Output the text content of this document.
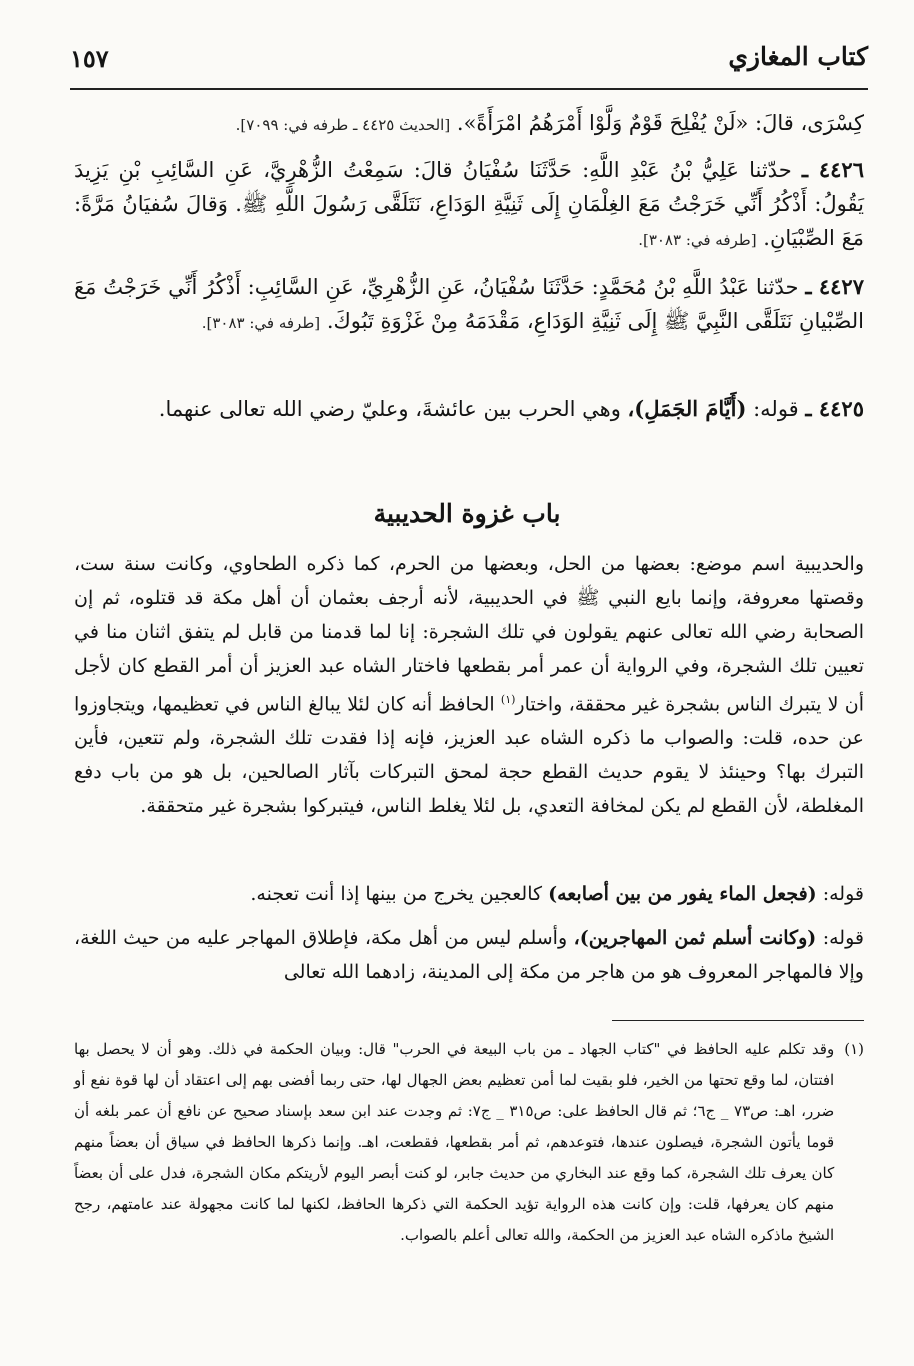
كتاب المغازي
١٥٧

كِسْرَى، قالَ: «لَنْ يُفْلِحَ قَوْمٌ وَلَّوْا أَمْرَهُمُ امْرَأَةً». [الحديث ٤٤٢٥ ـ طرفه في: ٧٠٩٩].

٤٤٢٦ ـ حدّثنا عَلِيُّ بْنُ عَبْدِ اللَّهِ: حَدَّثَنَا سُفْيَانُ قالَ: سَمِعْتُ الزُّهْرِيَّ، عَنِ السَّائِبِ بْنِ يَزِيدَ يَقُولُ: أَذْكُرُ أَنِّي خَرَجْتُ مَعَ الغِلْمَانِ إِلَى ثَنِيَّةِ الوَدَاعِ، نَتَلَقَّى رَسُولَ اللَّهِ ﷺ. وَقالَ سُفيَانُ مَرَّةً: مَعَ الصِّبْيَانِ. [طرفه في: ٣٠٨٣].

٤٤٢٧ ـ حدّثنا عَبْدُ اللَّهِ بْنُ مُحَمَّدٍ: حَدَّثَنَا سُفْيَانُ، عَنِ الزُّهْرِيِّ، عَنِ السَّائِبِ: أَذْكُرُ أَنِّي خَرَجْتُ مَعَ الصِّبْيانِ نَتَلَقَّى النَّبِيَّ ﷺ إِلَى ثَنِيَّةِ الوَدَاعِ، مَقْدَمَهُ مِنْ غَزْوَةِ تَبُوكَ. [طرفه في: ٣٠٨٣].

٤٤٢٥ ـ قوله: (أَيَّامَ الجَمَلِ)، وهي الحرب بين عائشةَ، وعليّ رضي الله تعالى عنهما.

باب غزوة الحديبية

والحديبية اسم موضع: بعضها من الحل، وبعضها من الحرم، كما ذكره الطحاوي، وكانت سنة ست، وقصتها معروفة، وإنما بايع النبي ﷺ في الحديبية، لأنه أرجف بعثمان أن أهل مكة قد قتلوه، ثم إن الصحابة رضي الله تعالى عنهم يقولون في تلك الشجرة: إنا لما قدمنا من قابل لم يتفق اثنان منا في تعيين تلك الشجرة، وفي الرواية أن عمر أمر بقطعها فاختار الشاه عبد العزيز أن أمر القطع كان لأجل أن لا يتبرك الناس بشجرة غير محققة، واختار$^{(١)}$ الحافظ أنه كان لئلا يبالغ الناس في تعظيمها، ويتجاوزوا عن حده، قلت: والصواب ما ذكره الشاه عبد العزيز، فإنه إذا فقدت تلك الشجرة، ولم تتعين، فأين التبرك بها؟ وحينئذ لا يقوم حديث القطع حجة لمحق التبركات بآثار الصالحين، بل هو من باب دفع المغلطة، لأن القطع لم يكن لمخافة التعدي، بل لئلا يغلط الناس، فيتبركوا بشجرة غير متحققة.

قوله: (فجعل الماء يفور من بين أصابعه) كالعجين يخرج من بينها إذا أنت تعجنه.

قوله: (وكانت أسلم ثمن المهاجرين)، وأسلم ليس من أهل مكة، فإطلاق المهاجر عليه من حيث اللغة، وإلا فالمهاجر المعروف هو من هاجر من مكة إلى المدينة، زادهما الله تعالى

(١)
وقد تكلم عليه الحافظ في "كتاب الجهاد ـ من باب البيعة في الحرب" قال: وبيان الحكمة في ذلك. وهو أن لا يحصل بها افتتان، لما وقع تحتها من الخير، فلو بقيت لما أمن تعظيم بعض الجهال لها، حتى ربما أفضى بهم إلى اعتقاد أن لها قوة نفع أو ضرر، اهـ: ص٧٣ _ ج٦؛ ثم قال الحافظ على: ص٣١٥ _ ج٧: ثم وجدت عند ابن سعد بإسناد صحيح عن نافع أن عمر بلغه أن قوما يأتون الشجرة، فيصلون عندها، فتوعدهم، ثم أمر بقطعها، فقطعت، اهـ. وإنما ذكرها الحافظ في سياق أن بعضاً منهم كان يعرف تلك الشجرة، كما وقع عند البخاري من حديث جابر، لو كنت أبصر اليوم لأريتكم مكان الشجرة، فدل على أن بعضاً منهم كان يعرفها، قلت: وإن كانت هذه الرواية تؤيد الحكمة التي ذكرها الحافظ، لكنها لما كانت مجهولة عند عامتهم، رجح الشيخ ماذكره الشاه عبد العزيز من الحكمة، والله تعالى أعلم بالصواب.
